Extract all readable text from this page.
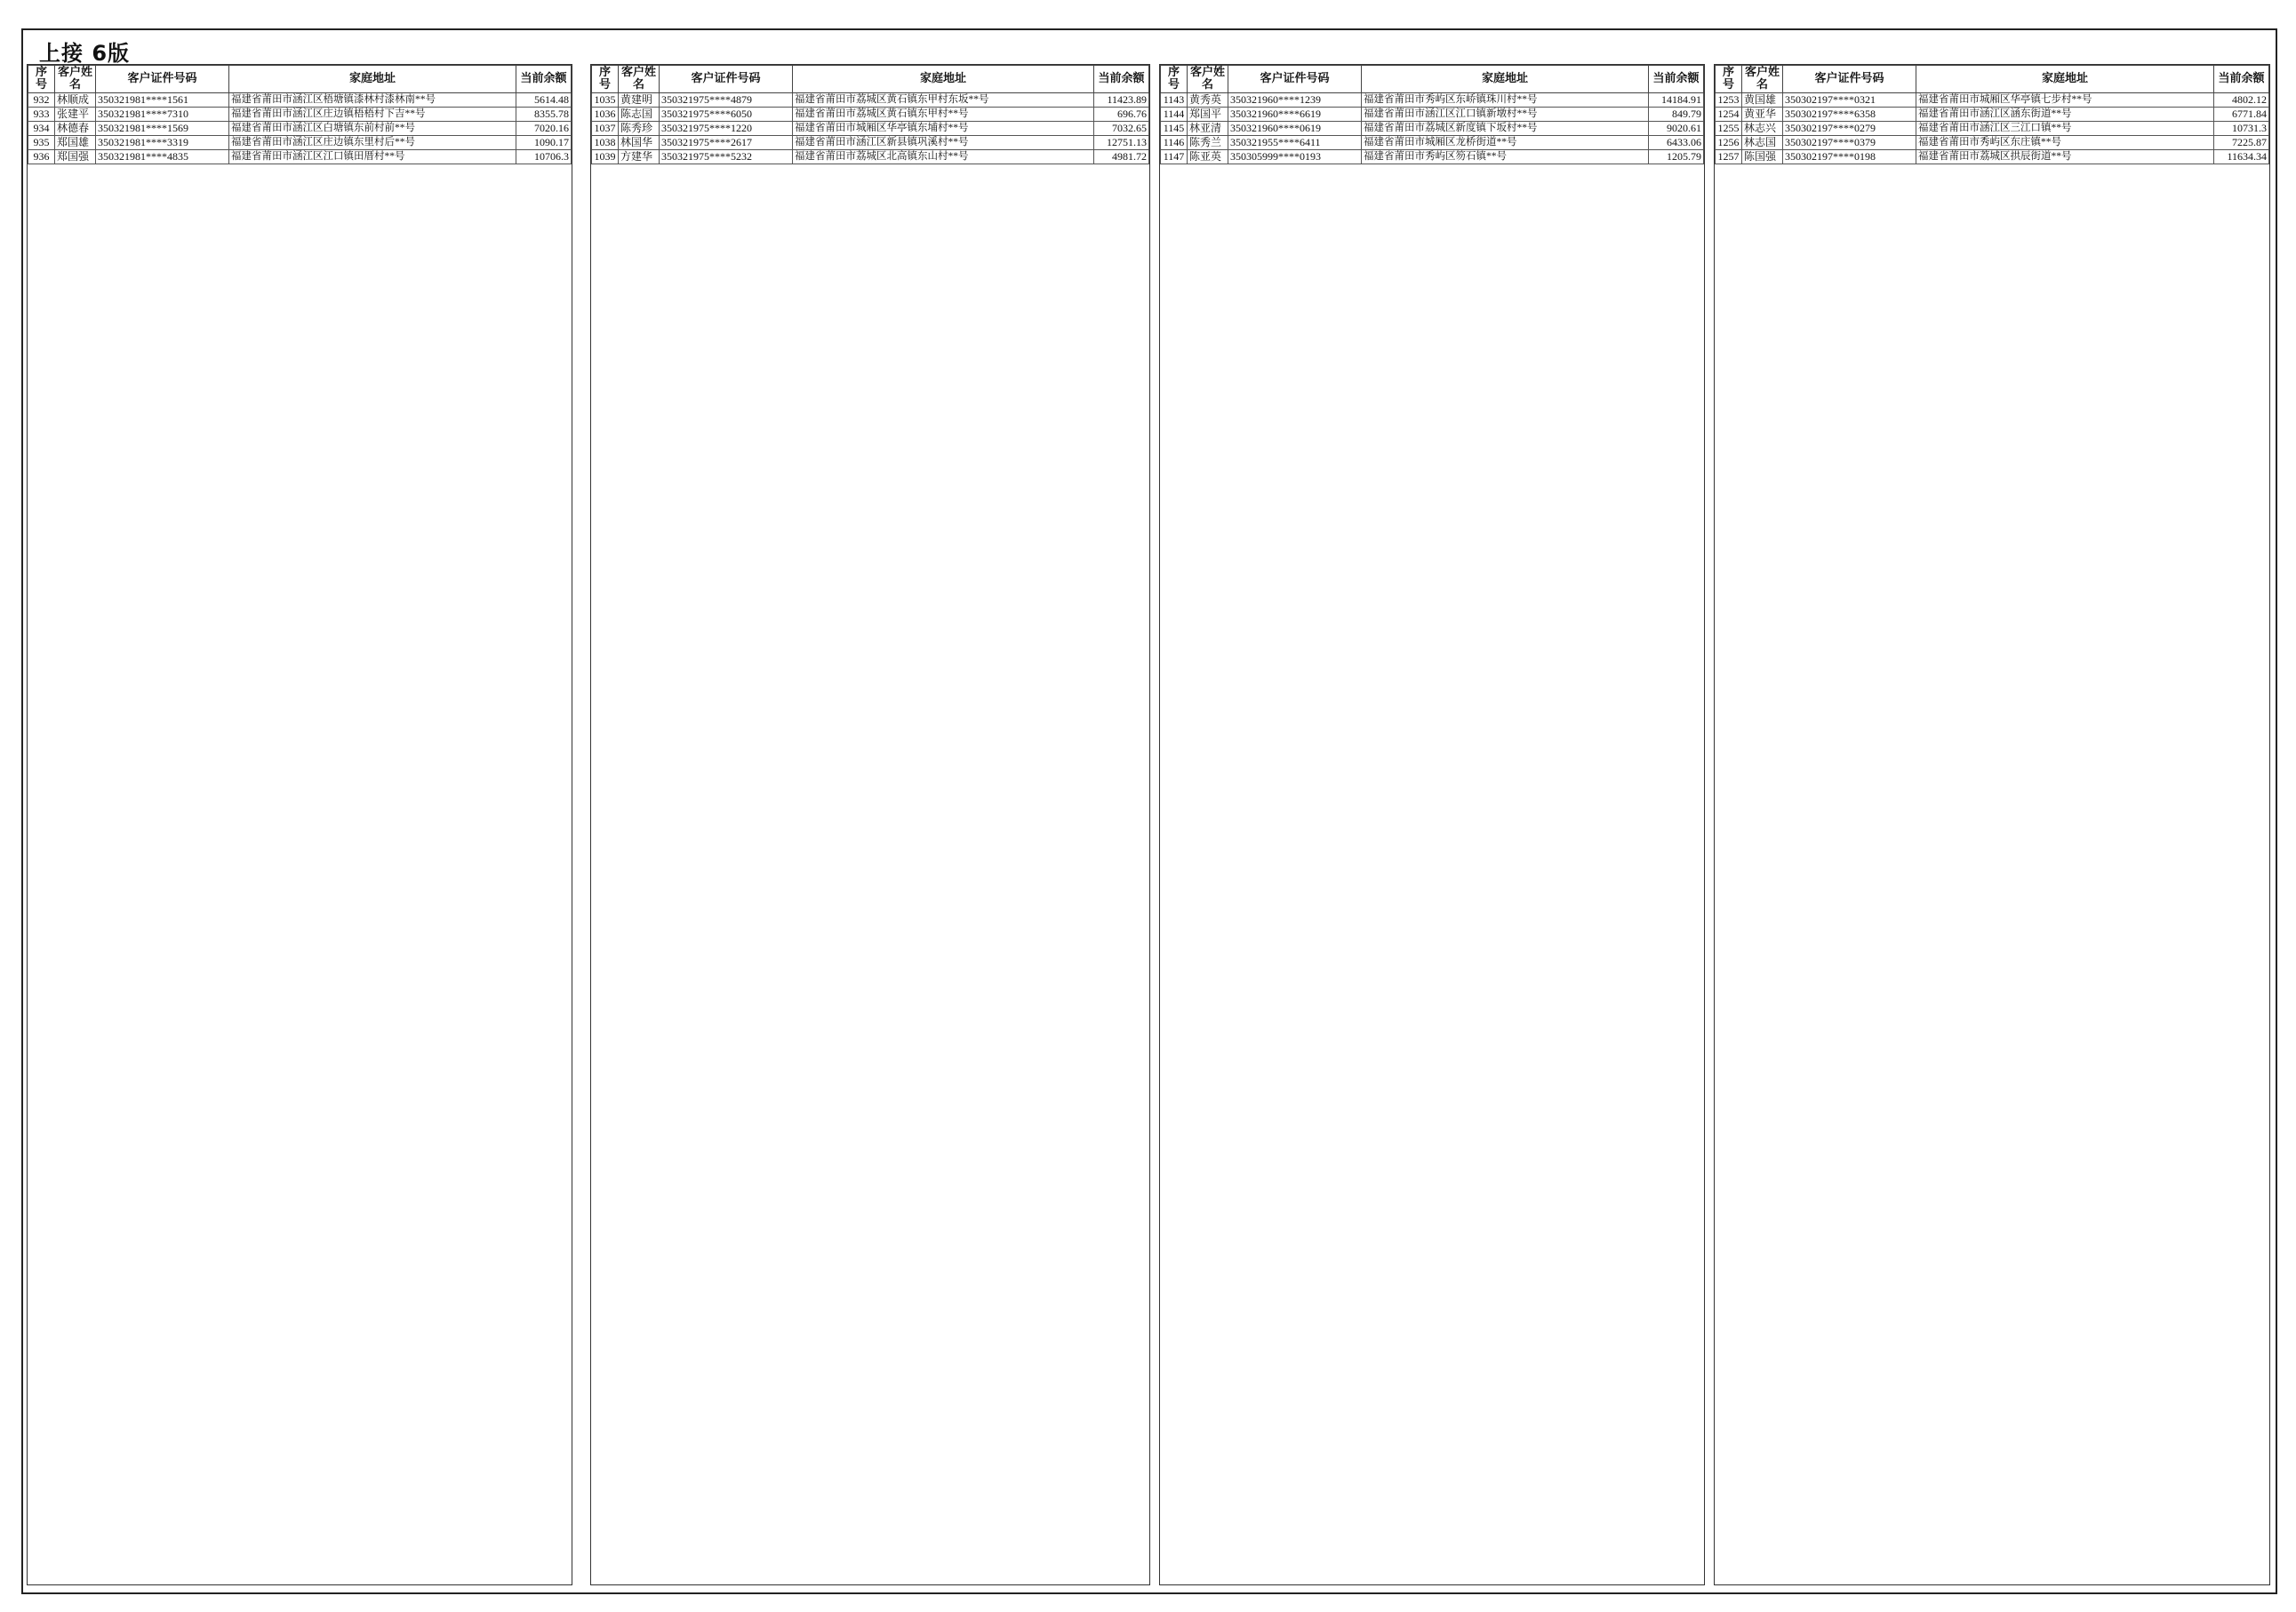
上接 6版
序号	客户姓名	客户证件号码	家庭地址	当前余额
932	林顺成	350321981****1561	福建省莆田市涵江区梧塘镇漆林村漆林南**号	5614.48
933	张建平	350321981****7310	福建省莆田市涵江区庄边镇梧梧村下吉**号	8355.78
934	林德春	350321981****1569	福建省莆田市涵江区白塘镇东前村前**号	7020.16
935	郑国雄	350321981****3319	福建省莆田市涵江区庄边镇东里村后**号	1090.17
936	郑国强	350321981****4835	福建省莆田市涵江区江口镇田厝村**号	10706.3
序号	客户姓名	客户证件号码	家庭地址	当前余额
1035	黄建明	350321975****4879	福建省莆田市荔城区黄石镇东甲村东坂**号	11423.89
1036	陈志国	350321975****6050	福建省莆田市荔城区黄石镇东甲村**号	696.76
1037	陈秀珍	350321975****1220	福建省莆田市城厢区华亭镇东埔村**号	7032.65
1038	林国华	350321975****2617	福建省莆田市涵江区新县镇巩溪村**号	12751.13
1039	方建华	350321975****5232	福建省莆田市荔城区北高镇东山村**号	4981.72
序号	客户姓名	客户证件号码	家庭地址	当前余额
1143	黄秀英	350321960****1239	福建省莆田市秀屿区东峤镇珠川村**号	14184.91
1144	郑国平	350321960****6619	福建省莆田市涵江区江口镇新墩村**号	849.79
1145	林亚清	350321960****0619	福建省莆田市荔城区新度镇下坂村**号	9020.61
1146	陈秀兰	350321955****6411	福建省莆田市城厢区龙桥街道**号	6433.06
1147	陈亚英	350305999****0193	福建省莆田市秀屿区笏石镇**号	1205.79
序号	客户姓名	客户证件号码	家庭地址	当前余额
1253	黄国雄	350302197****0321	福建省莆田市城厢区华亭镇七步村**号	4802.12
1254	黄亚华	350302197****6358	福建省莆田市涵江区涵东街道**号	6771.84
1255	林志兴	350302197****0279	福建省莆田市涵江区三江口镇**号	10731.3
1256	林志国	350302197****0379	福建省莆田市秀屿区东庄镇**号	7225.87
1257	陈国强	350302197****0198	福建省莆田市荔城区拱辰街道**号	11634.34
